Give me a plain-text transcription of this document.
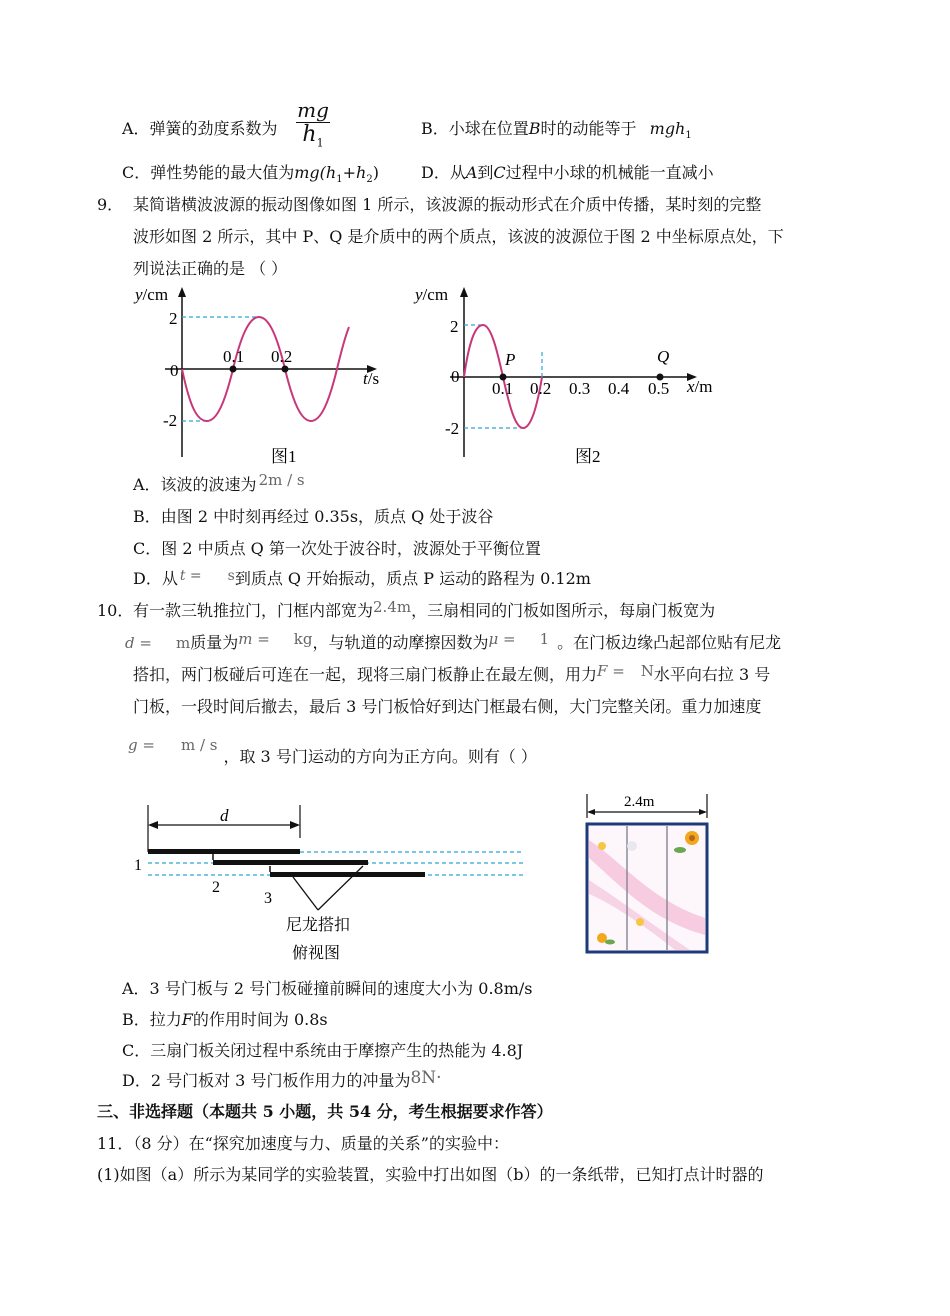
A．弹簧的劲度系数为
mg
$h_1$
B．小球在位置B时的动能等于 mgh$_1$
C．弹性势能的最大值为$mg(h_1+h_2)$	D．从A到C过程中小球的机械能一直减小
9． 某简谐横波波源的振动图像如图 1 所示，该波源的振动形式在介质中传播，某时刻的完整
波形如图 2 所示，其中 P、Q 是介质中的两个质点，该波的波源位于图 2 中坐标原点处，下
列说法正确的是 （ ）
y/cm
2
-2
0
0.1 0.2
t/s
图1
y/cm
2
-2
0
P	Q
0.1 0.2 0.3 0.4 0.5 x/m
图2
A．该波的波速为 2m / s
B．由图 2 中时刻再经过 0.35s，质点 Q 处于波谷
C．图 2 中质点 Q 第一次处于波谷时，波源处于平衡位置
D．从 t = s到质点 Q 开始振动，质点 P 运动的路程为 0.12m
10． 有一款三轨推拉门，门框内部宽为2.4m，三扇相同的门板如图所示，每扇门板宽为
d = m质量为m = kg，与轨道的动摩擦因数为μ = 1 。在门板边缘凸起部位贴有尼龙
搭扣，两门板碰后可连在一起，现将三扇门板静止在最左侧，用力F = N水平向右拉 3 号
门板，一段时间后撤去，最后 3 号门板恰好到达门框最右侧，大门完整关闭。重力加速度
g = m / s，取 3 号门运动的方向为正方向。则有（ ）
d
1
2
3
尼龙搭扣
俯视图
2.4m
A．3 号门板与 2 号门板碰撞前瞬间的速度大小为 0.8m/s
B．拉力F的作用时间为 0.8s
C．三扇门板关闭过程中系统由于摩擦产生的热能为 4.8J
D．2 号门板对 3 号门板作用力的冲量为8N·
三、非选择题（本题共 5 小题，共 54 分，考生根据要求作答）
11．（8 分）在“探究加速度与力、质量的关系”的实验中：
(1)如图（a）所示为某同学的实验装置，实验中打出如图（b）的一条纸带，已知打点计时器的
